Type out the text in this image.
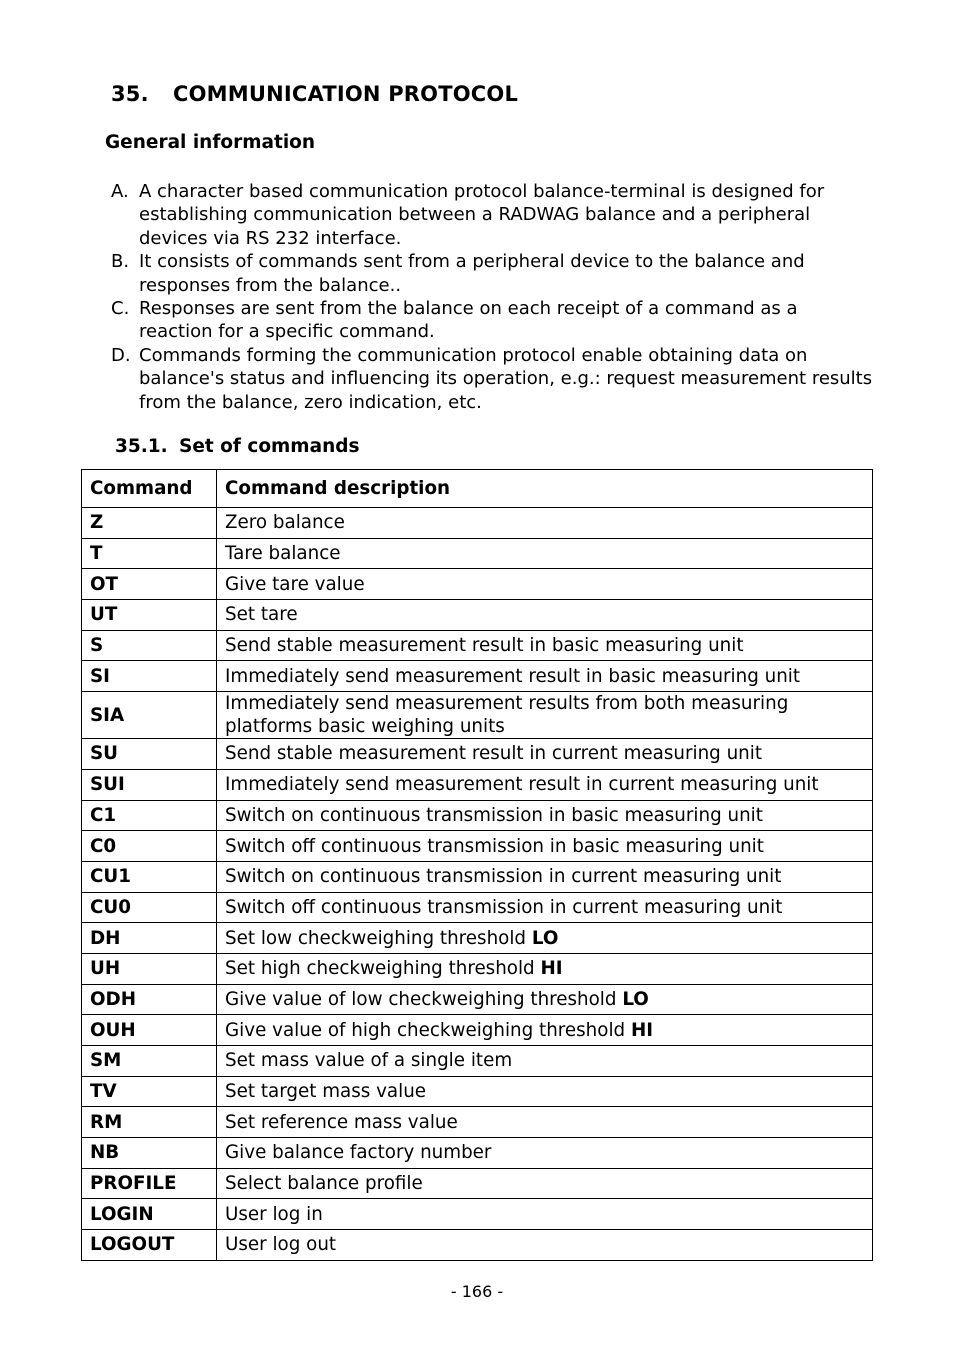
35. COMMUNICATION PROTOCOL
General information
A. A character based communication protocol balance-terminal is designed for establishing communication between a RADWAG balance and a peripheral devices via RS 232 interface.
B. It consists of commands sent from a peripheral device to the balance and responses from the balance..
C. Responses are sent from the balance on each receipt of a command as a reaction for a specific command.
D. Commands forming the communication protocol enable obtaining data on balance's status and influencing its operation, e.g.: request measurement results from the balance, zero indication, etc.
35.1. Set of commands
Command	Command description
Z	Zero balance
T	Tare balance
OT	Give tare value
UT	Set tare
S	Send stable measurement result in basic measuring unit
SI	Immediately send measurement result in basic measuring unit
SIA	Immediately send measurement results from both measuring platforms basic weighing units
SU	Send stable measurement result in current measuring unit
SUI	Immediately send measurement result in current measuring unit
C1	Switch on continuous transmission in basic measuring unit
C0	Switch off continuous transmission in basic measuring unit
CU1	Switch on continuous transmission in current measuring unit
CU0	Switch off continuous transmission in current measuring unit
DH	Set low checkweighing threshold LO
UH	Set high checkweighing threshold HI
ODH	Give value of low checkweighing threshold LO
OUH	Give value of high checkweighing threshold HI
SM	Set mass value of a single item
TV	Set target mass value
RM	Set reference mass value
NB	Give balance factory number
PROFILE	Select balance profile
LOGIN	User log in
LOGOUT	User log out
- 166 -
